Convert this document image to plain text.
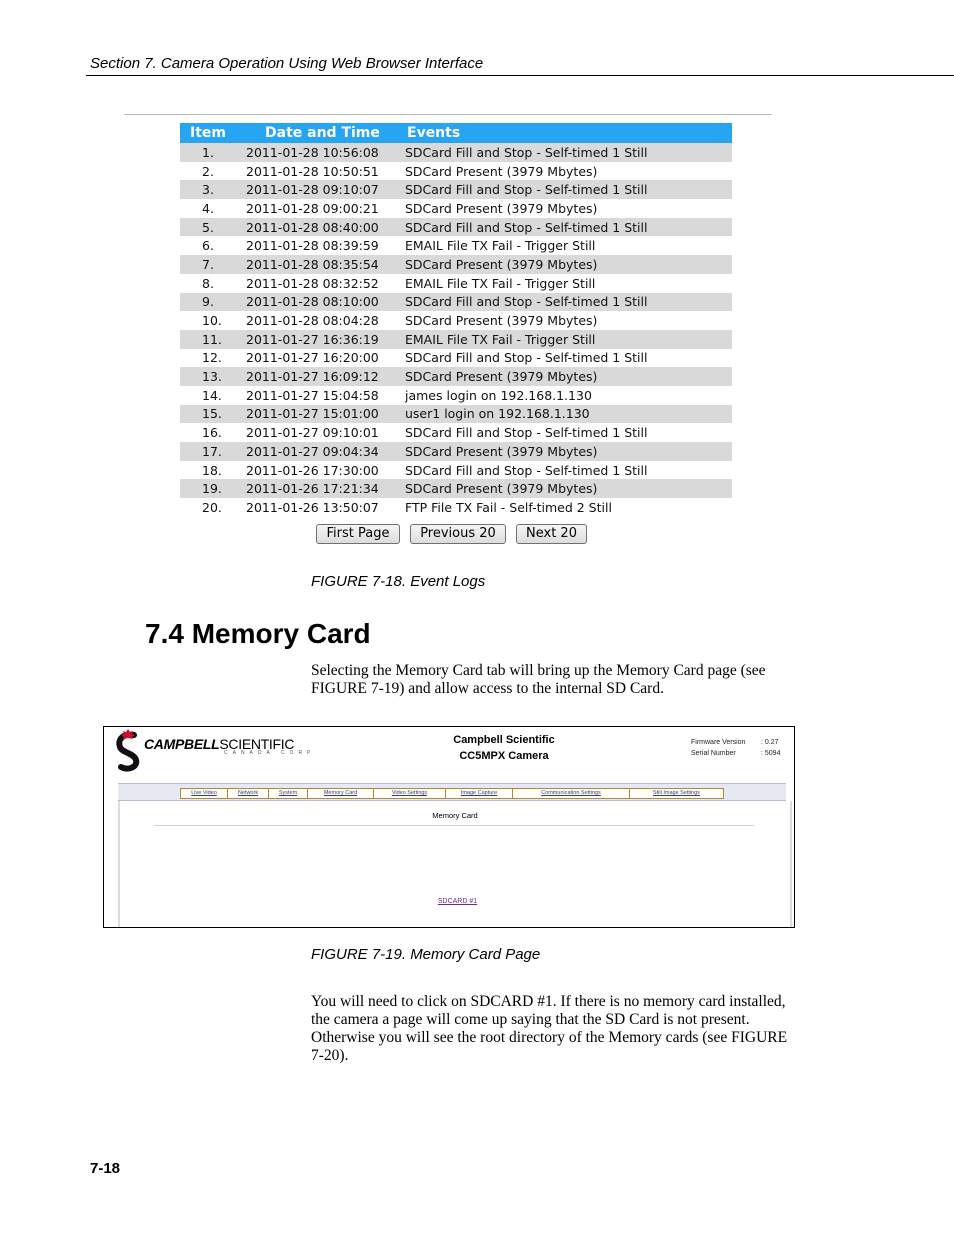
Section 7. Camera Operation Using Web Browser Interface
Item	Date and Time	Events
1.	2011-01-28 10:56:08	SDCard Fill and Stop - Self-timed 1 Still
2.	2011-01-28 10:50:51	SDCard Present (3979 Mbytes)
3.	2011-01-28 09:10:07	SDCard Fill and Stop - Self-timed 1 Still
4.	2011-01-28 09:00:21	SDCard Present (3979 Mbytes)
5.	2011-01-28 08:40:00	SDCard Fill and Stop - Self-timed 1 Still
6.	2011-01-28 08:39:59	EMAIL File TX Fail - Trigger Still
7.	2011-01-28 08:35:54	SDCard Present (3979 Mbytes)
8.	2011-01-28 08:32:52	EMAIL File TX Fail - Trigger Still
9.	2011-01-28 08:10:00	SDCard Fill and Stop - Self-timed 1 Still
10.	2011-01-28 08:04:28	SDCard Present (3979 Mbytes)
11.	2011-01-27 16:36:19	EMAIL File TX Fail - Trigger Still
12.	2011-01-27 16:20:00	SDCard Fill and Stop - Self-timed 1 Still
13.	2011-01-27 16:09:12	SDCard Present (3979 Mbytes)
14.	2011-01-27 15:04:58	james login on 192.168.1.130
15.	2011-01-27 15:01:00	user1 login on 192.168.1.130
16.	2011-01-27 09:10:01	SDCard Fill and Stop - Self-timed 1 Still
17.	2011-01-27 09:04:34	SDCard Present (3979 Mbytes)
18.	2011-01-26 17:30:00	SDCard Fill and Stop - Self-timed 1 Still
19.	2011-01-26 17:21:34	SDCard Present (3979 Mbytes)
20.	2011-01-26 13:50:07	FTP File TX Fail - Self-timed 2 Still
First Page	Previous 20	Next 20
FIGURE 7-18. Event Logs
7.4 Memory Card

Selecting the Memory Card tab will bring up the Memory Card page (see FIGURE 7-19) and allow access to the internal SD Card.

CAMPBELLSCIENTIFIC
CANADA CORP
Campbell Scientific
CC5MPX Camera
Firmware Version : 0.27
Serial Number	: 5094
Live Video	Network	System	Memory Card	Video Settings	Image Capture	Communication Settings	Still Image Settings
Memory Card
SDCARD #1
FIGURE 7-19. Memory Card Page

You will need to click on SDCARD #1. If there is no memory card installed, the camera a page will come up saying that the SD Card is not present. Otherwise you will see the root directory of the Memory cards (see FIGURE 7-20).

7-18
